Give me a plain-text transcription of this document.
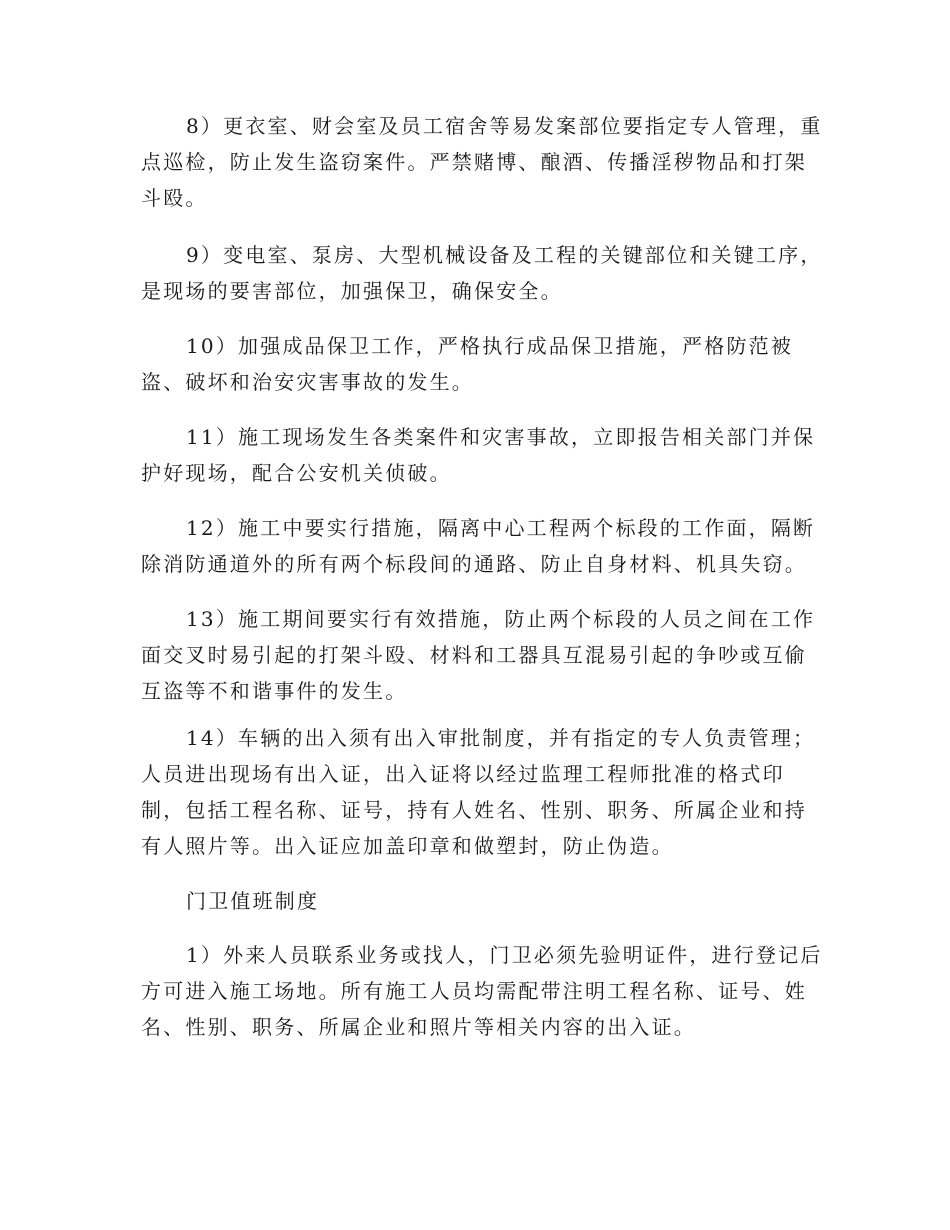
8）更衣室、财会室及员工宿舍等易发案部位要指定专人管理，重
点巡检，防止发生盗窃案件。严禁赌博、酿酒、传播淫秽物品和打架
斗殴。
9）变电室、泵房、大型机械设备及工程的关键部位和关键工序，
是现场的要害部位，加强保卫，确保安全。
10）加强成品保卫工作，严格执行成品保卫措施，严格防范被
盗、破坏和治安灾害事故的发生。
11）施工现场发生各类案件和灾害事故，立即报告相关部门并保
护好现场，配合公安机关侦破。
12）施工中要实行措施，隔离中心工程两个标段的工作面，隔断
除消防通道外的所有两个标段间的通路、防止自身材料、机具失窃。
13）施工期间要实行有效措施，防止两个标段的人员之间在工作
面交叉时易引起的打架斗殴、材料和工器具互混易引起的争吵或互偷
互盗等不和谐事件的发生。
14）车辆的出入须有出入审批制度，并有指定的专人负责管理；
人员进出现场有出入证，出入证将以经过监理工程师批准的格式印
制，包括工程名称、证号，持有人姓名、性别、职务、所属企业和持
有人照片等。出入证应加盖印章和做塑封，防止伪造。
门卫值班制度
1）外来人员联系业务或找人，门卫必须先验明证件，进行登记后
方可进入施工场地。所有施工人员均需配带注明工程名称、证号、姓
名、性别、职务、所属企业和照片等相关内容的出入证。
